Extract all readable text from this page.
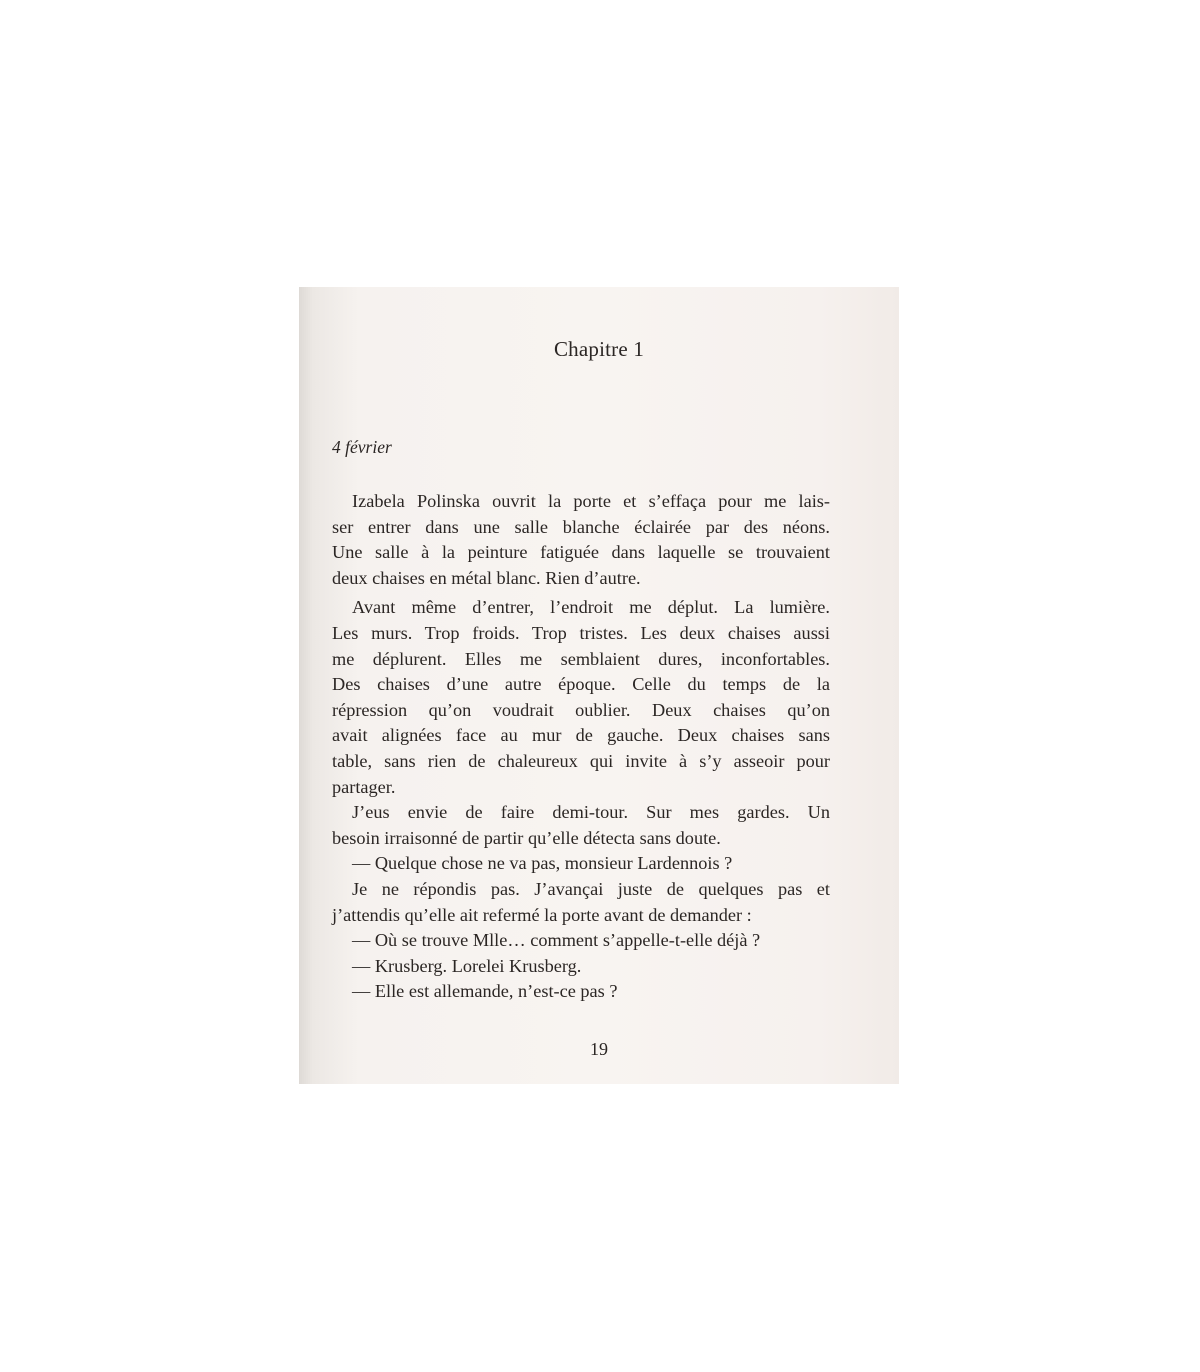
Chapitre 1
4 février

Izabela Polinska ouvrit la porte et s’effaça pour me lais-

ser entrer dans une salle blanche éclairée par des néons.

Une salle à la peinture fatiguée dans laquelle se trouvaient

deux chaises en métal blanc. Rien d’autre.

Avant même d’entrer, l’endroit me déplut. La lumière.

Les murs. Trop froids. Trop tristes. Les deux chaises aussi

me déplurent. Elles me semblaient dures, inconfortables.

Des chaises d’une autre époque. Celle du temps de la

répression qu’on voudrait oublier. Deux chaises qu’on

avait alignées face au mur de gauche. Deux chaises sans

table, sans rien de chaleureux qui invite à s’y asseoir pour

partager.

J’eus envie de faire demi-tour. Sur mes gardes. Un

besoin irraisonné de partir qu’elle détecta sans doute.

— Quelque chose ne va pas, monsieur Lardennois ?

Je ne répondis pas. J’avançai juste de quelques pas et

j’attendis qu’elle ait refermé la porte avant de demander :

— Où se trouve Mlle… comment s’appelle-t-elle déjà ?

— Krusberg. Lorelei Krusberg.

— Elle est allemande, n’est-ce pas ?

19
